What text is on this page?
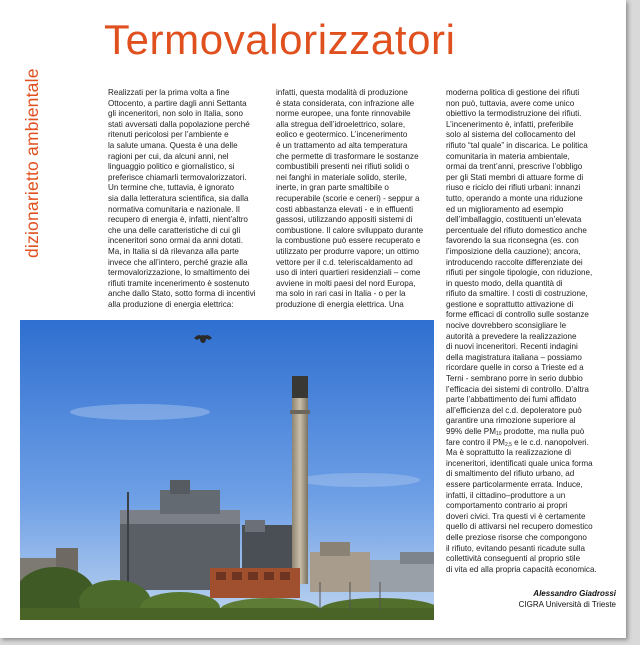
dizionarietto ambientale
Termovalorizzatori
Realizzati per la prima volta a fine
Ottocento, a partire dagli anni Settanta
gli inceneritori, non solo in Italia, sono
stati avversati dalla popolazione perché
ritenuti pericolosi per l’ambiente e
la salute umana. Questa è una delle
ragioni per cui, da alcuni anni, nel
linguaggio politico e giornalistico, si
preferisce chiamarli termovalorizzatori.
Un termine che, tuttavia, è ignorato
sia dalla letteratura scientifica, sia dalla
normativa comunitaria e nazionale. Il
recupero di energia è, infatti, nient’altro
che una delle caratteristiche di cui gli
inceneritori sono ormai da anni dotati.
Ma, in Italia si dà rilevanza alla parte
invece che all’intero, perché grazie alla
termovalorizzazione, lo smaltimento dei
rifiuti tramite incenerimento è sostenuto
anche dallo Stato, sotto forma di incentivi
alla produzione di energia elettrica:
infatti, questa modalità di produzione
è stata considerata, con infrazione alle
norme europee, una fonte rinnovabile
alla stregua dell’idroelettrico, solare,
eolico e geotermico. L’incenerimento
è un trattamento ad alta temperatura
che permette di trasformare le sostanze
combustibili presenti nei rifiuti solidi o
nei fanghi in materiale solido, sterile,
inerte, in gran parte smaltibile o
recuperabile (scorie e ceneri) - seppur a
costi abbastanza elevati - e in effluenti
gassosi, utilizzando appositi sistemi di
combustione. Il calore sviluppato durante
la combustione può essere recuperato e
utilizzato per produrre vapore; un ottimo
vettore per il c.d. teleriscaldamento ad
uso di interi quartieri residenziali – come
avviene in molti paesi del nord Europa,
ma solo in rari casi in Italia - o per la
produzione di energia elettrica. Una
moderna politica di gestione dei rifiuti
non può, tuttavia, avere come unico
obiettivo la termodistruzione dei rifiuti.
L’incenerimento è, infatti, preferibile
solo al sistema del collocamento del
rifiuto “tal quale” in discarica. Le politica
comunitaria in materia ambientale,
ormai da trent’anni, prescrive l’obbligo
per gli Stati membri di attuare forme di
riuso e riciclo dei rifiuti urbani: innanzi
tutto, operando a monte una riduzione
ed un miglioramento ad esempio
dell’imballaggio, costituenti un’elevata
percentuale del rifiuto domestico anche
favorendo la sua riconsegna (es. con
l’imposizione della cauzione); ancora,
introducendo raccolte differenziate dei
rifiuti per singole tipologie, con riduzione,
in questo modo, della quantità di
rifiuto da smaltire. I costi di costruzione,
gestione e soprattutto attivazione di
forme efficaci di controllo sulle sostanze
nocive dovrebbero sconsigliare le
autorità a prevedere la realizzazione
di nuovi inceneritori. Recenti indagini
della magistratura italiana – possiamo
ricordare quelle in corso a Trieste ed a
Terni - sembrano porre in serio dubbio
l’efficacia dei sistemi di controllo. D’altra
parte l’abbattimento dei fumi affidato
all’efficienza del c.d. depoleratore può
garantire una rimozione superiore al
99% delle $PM_{10}$ prodotte, ma nulla può
fare contro il $PM_{2,5}$ e le c.d. nanopolveri.
Ma è soprattutto la realizzazione di
inceneritori, identificati quale unica forma
di smaltimento del rifiuto urbano, ad
essere particolarmente errata. Induce,
infatti, il cittadino–produttore a un
comportamento contrario ai propri
doveri civici. Tra questi vi è certamente
quello di attivarsi nel recupero domestico
delle preziose risorse che compongono
il rifiuto, evitando pesanti ricadute sulla
collettività conseguenti al proprio stile
di vita ed alla propria capacità economica.
Alessandro Giadrossi
CIGRA Università di Trieste
